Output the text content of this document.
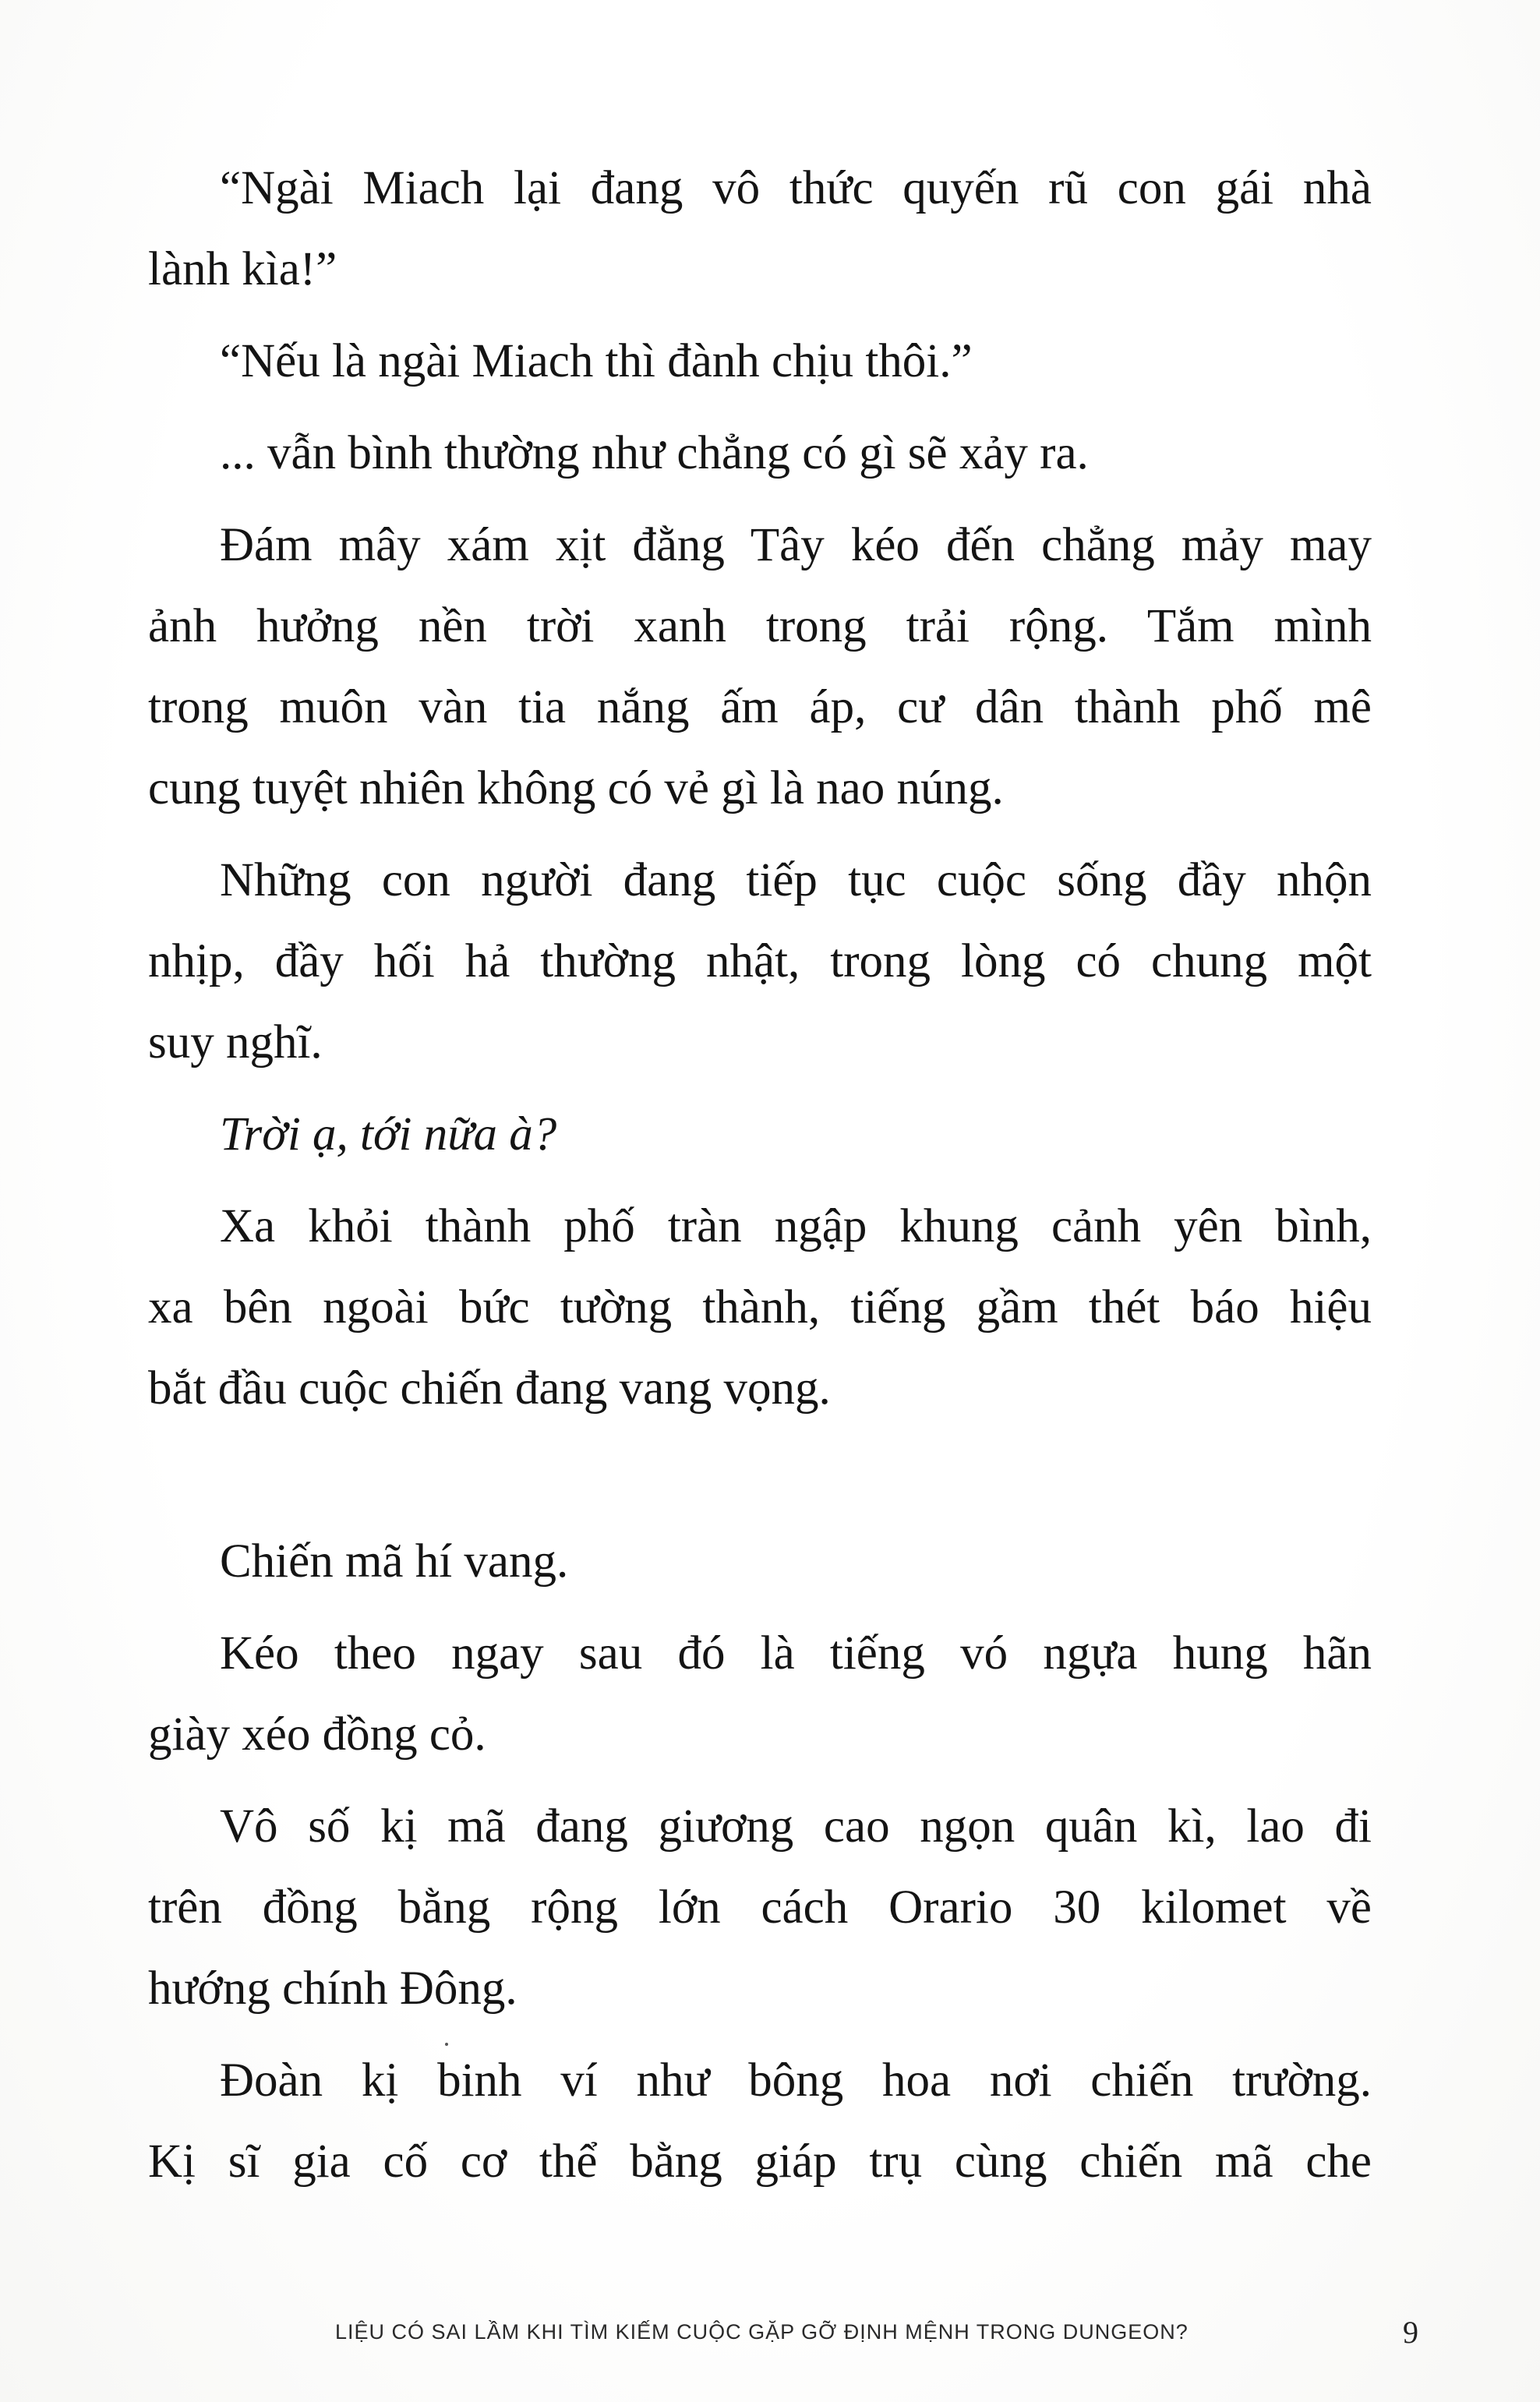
“Ngài Miach lại đang vô thức quyến rũ con gái nhà
lành kìa!”
“Nếu là ngài Miach thì đành chịu thôi.”
... vẫn bình thường như chẳng có gì sẽ xảy ra.
Đám mây xám xịt đằng Tây kéo đến chẳng mảy may
ảnh hưởng nền trời xanh trong trải rộng. Tắm mình
trong muôn vàn tia nắng ấm áp, cư dân thành phố mê
cung tuyệt nhiên không có vẻ gì là nao núng.
Những con người đang tiếp tục cuộc sống đầy nhộn
nhịp, đầy hối hả thường nhật, trong lòng có chung một
suy nghĩ.
Trời ạ, tới nữa à?
Xa khỏi thành phố tràn ngập khung cảnh yên bình,
xa bên ngoài bức tường thành, tiếng gầm thét báo hiệu
bắt đầu cuộc chiến đang vang vọng.
Chiến mã hí vang.
Kéo theo ngay sau đó là tiếng vó ngựa hung hãn
giày xéo đồng cỏ.
Vô số kị mã đang giương cao ngọn quân kì, lao đi
trên đồng bằng rộng lớn cách Orario 30 kilomet về
hướng chính Đông.
Đoàn kị binh ví như bông hoa nơi chiến trường.
Kị sĩ gia cố cơ thể bằng giáp trụ cùng chiến mã che
LIỆU CÓ SAI LẦM KHI TÌM KIẾM CUỘC GẶP GỠ ĐỊNH MỆNH TRONG DUNGEON?	9
